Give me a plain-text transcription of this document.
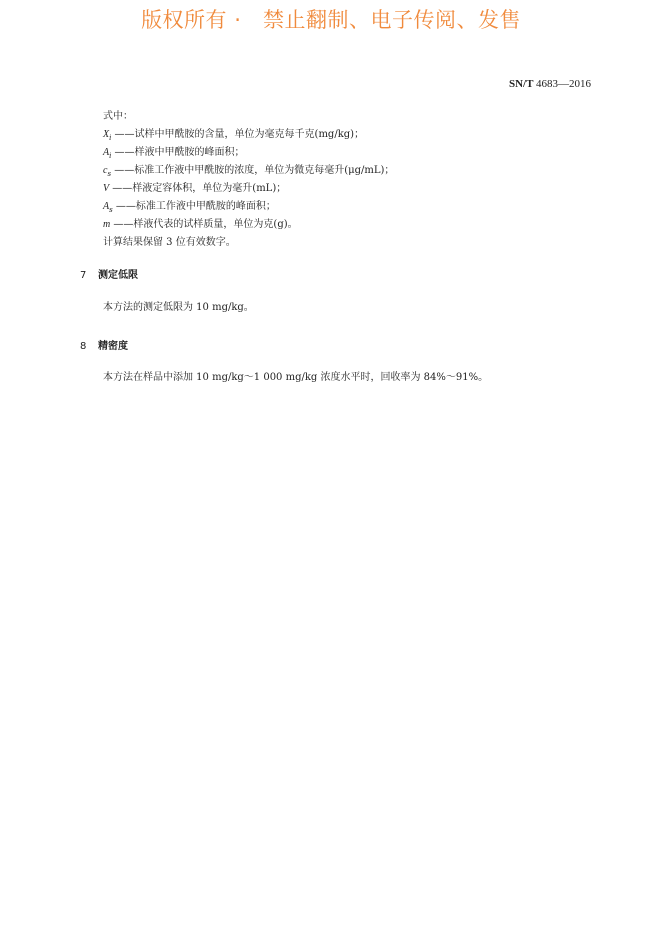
版权所有 ·   禁止翻制、电子传阅、发售
SN/T 4683—2016
式中：
$X_i$ ——试样中甲酰胺的含量，单位为毫克每千克(mg/kg)；
$A_i$ ——样液中甲酰胺的峰面积；
$c_s$ ——标准工作液中甲酰胺的浓度，单位为微克每毫升(μg/mL)；
V ——样液定容体积，单位为毫升(mL)；
$A_s$ ——标准工作液中甲酰胺的峰面积；
m ——样液代表的试样质量，单位为克(g)。
计算结果保留 3 位有效数字。
7 测定低限
本方法的测定低限为 10 mg/kg。
8 精密度
本方法在样品中添加 10 mg/kg～1 000 mg/kg 浓度水平时，回收率为 84%～91%。
